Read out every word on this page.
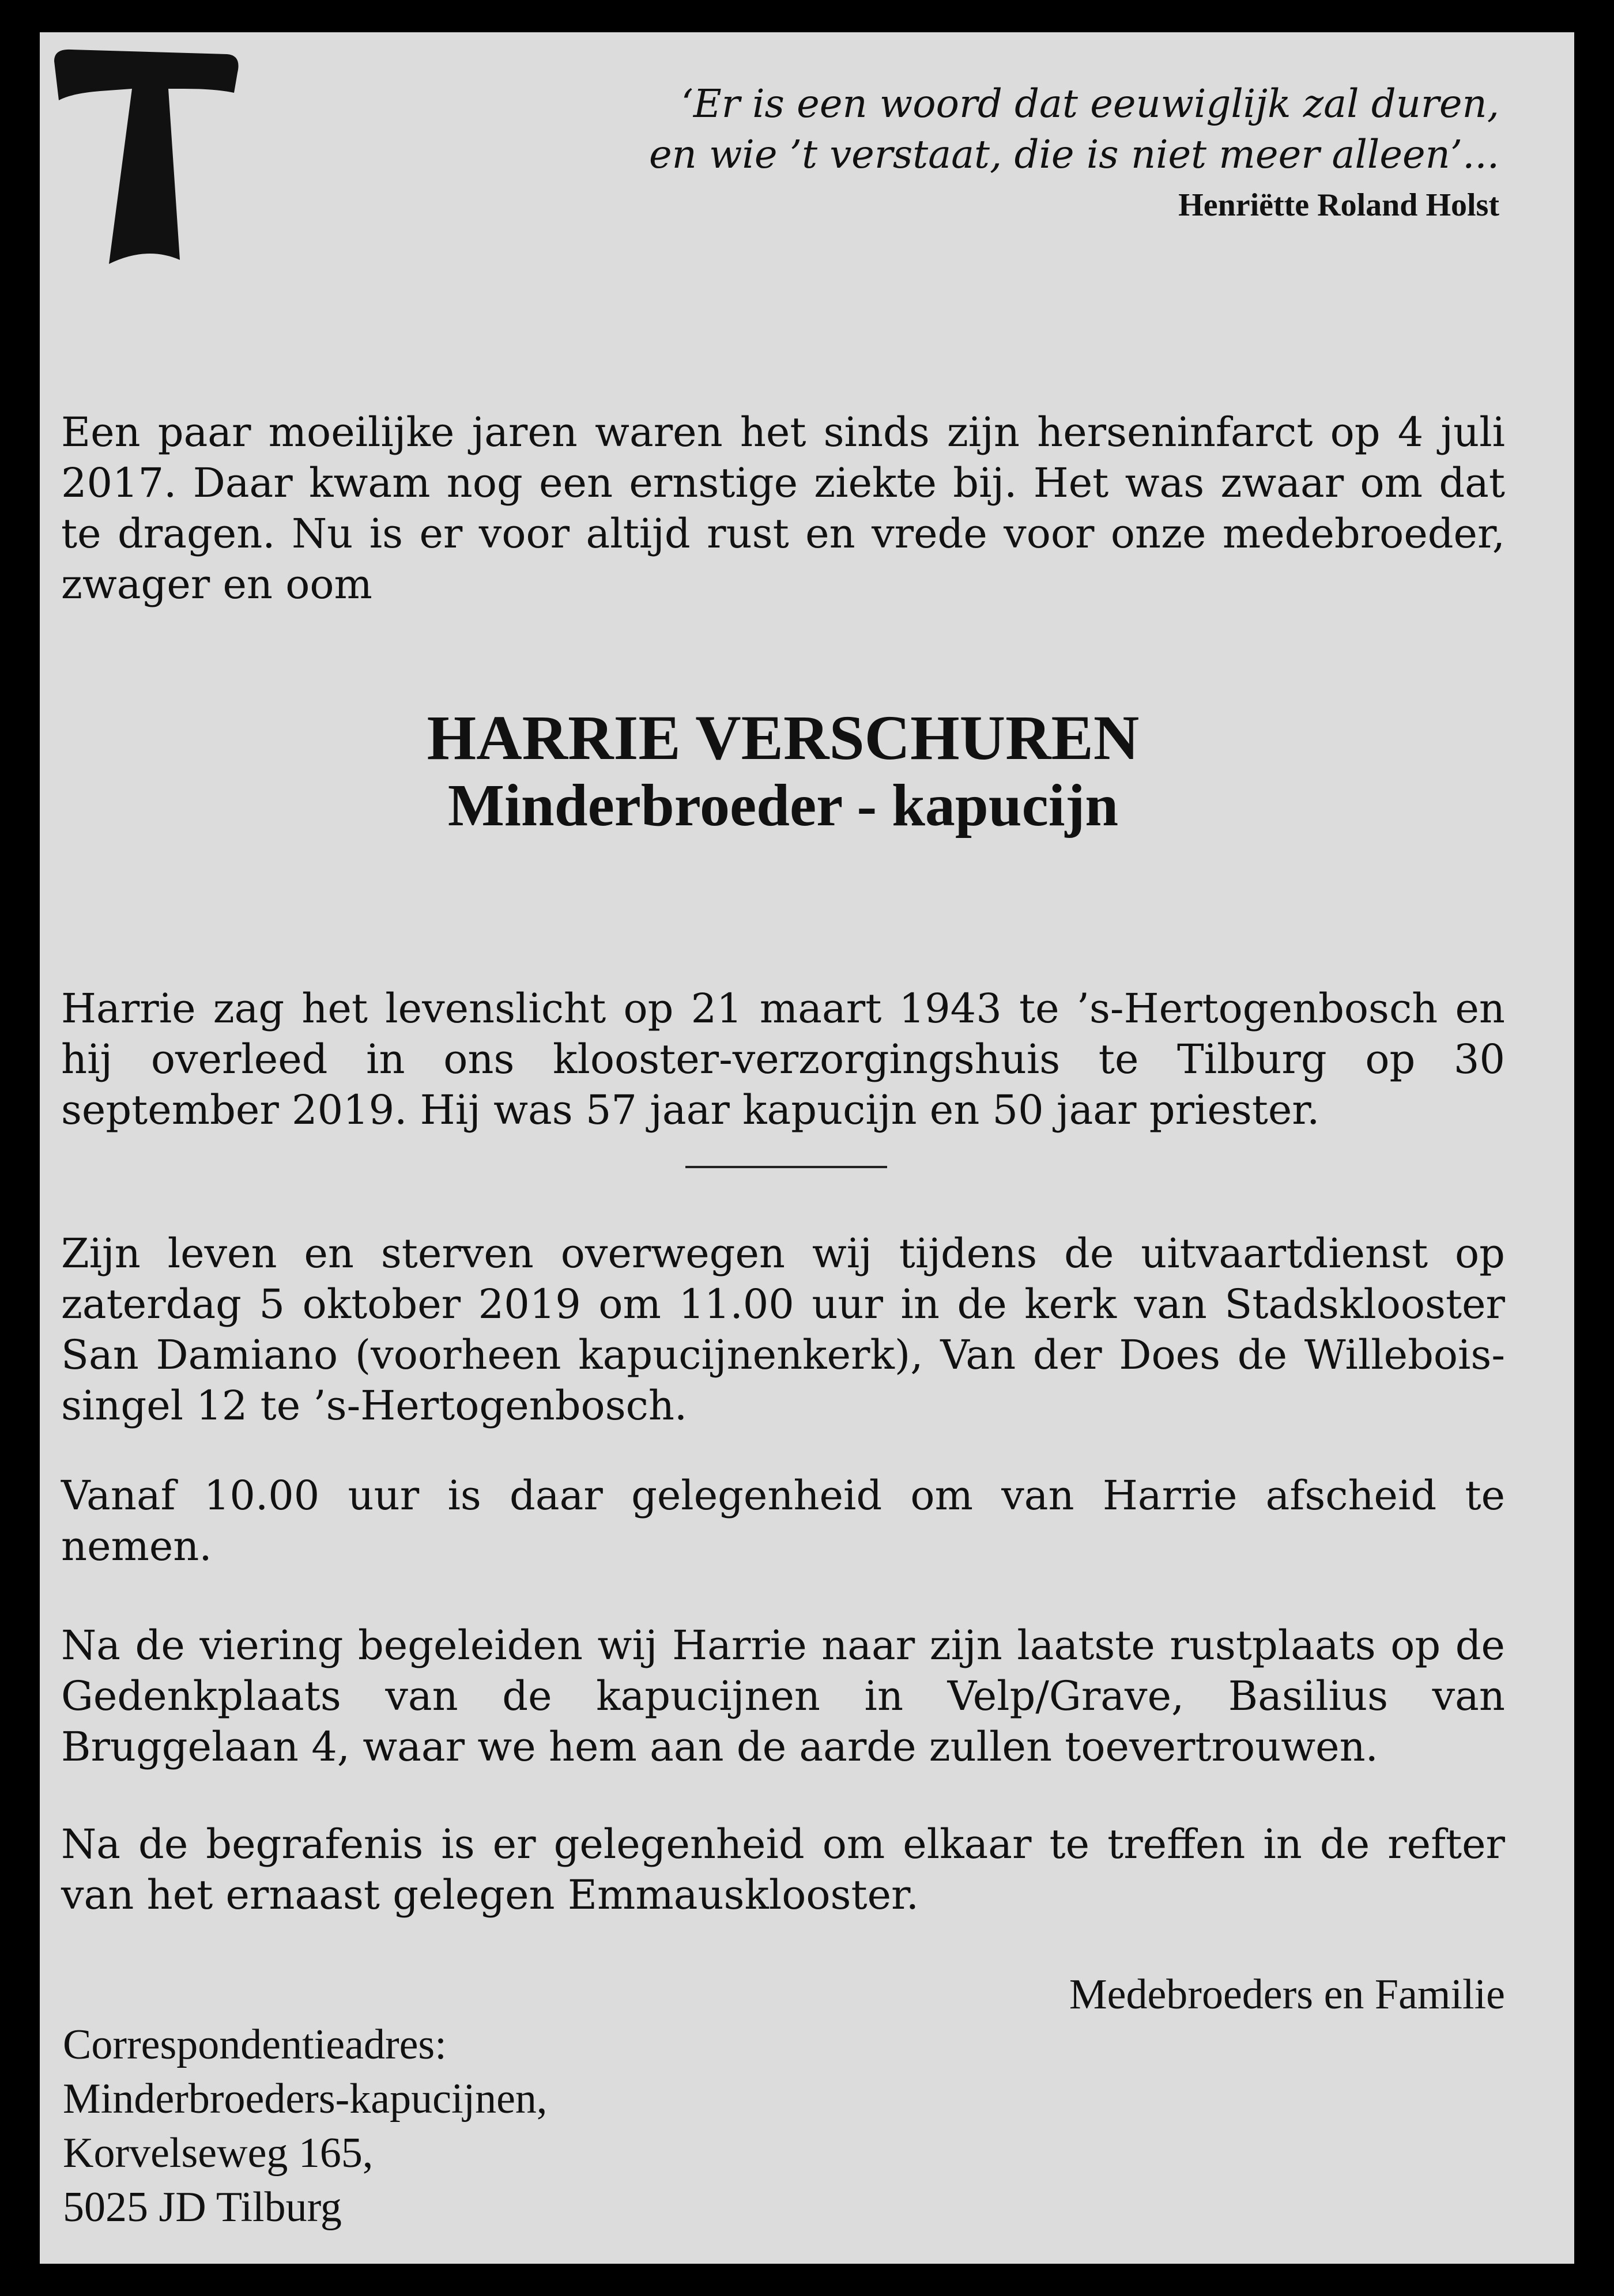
‘Er is een woord dat eeuwiglijk zal duren,
en wie ’t verstaat, die is niet meer alleen’...
Henriëtte Roland Holst
Een paar moeilijke jaren waren het sinds zijn herseninfarct op 4 juli 2017. Daar kwam nog een ernstige ziekte bij. Het was zwaar om dat te dragen. Nu is er voor altijd rust en vrede voor onze medebroeder, zwager en oom
HARRIE VERSCHUREN
Minderbroeder - kapucijn
Harrie zag het levenslicht op 21 maart 1943 te ’s-Hertogenbosch en hij overleed in ons klooster-verzorgingshuis te Tilburg op 30 september 2019. Hij was 57 jaar kapucijn en 50 jaar priester.
Zijn leven en sterven overwegen wij tijdens de uitvaartdienst op zaterdag 5 oktober 2019 om 11.00 uur in de kerk van Stadsklooster San Damiano (voorheen kapucijnenkerk), Van der Does de Willebois-singel 12 te ’s-Hertogenbosch.
Vanaf 10.00 uur is daar gelegenheid om van Harrie afscheid te nemen.
Na de viering begeleiden wij Harrie naar zijn laatste rustplaats op de Gedenkplaats van de kapucijnen in Velp/Grave, Basilius van Bruggelaan 4, waar we hem aan de aarde zullen toevertrouwen.
Na de begrafenis is er gelegenheid om elkaar te treffen in de refter van het ernaast gelegen Emmausklooster.
Medebroeders en Familie
Correspondentieadres:
Minderbroeders-kapucijnen,
Korvelseweg 165,
5025 JD Tilburg
